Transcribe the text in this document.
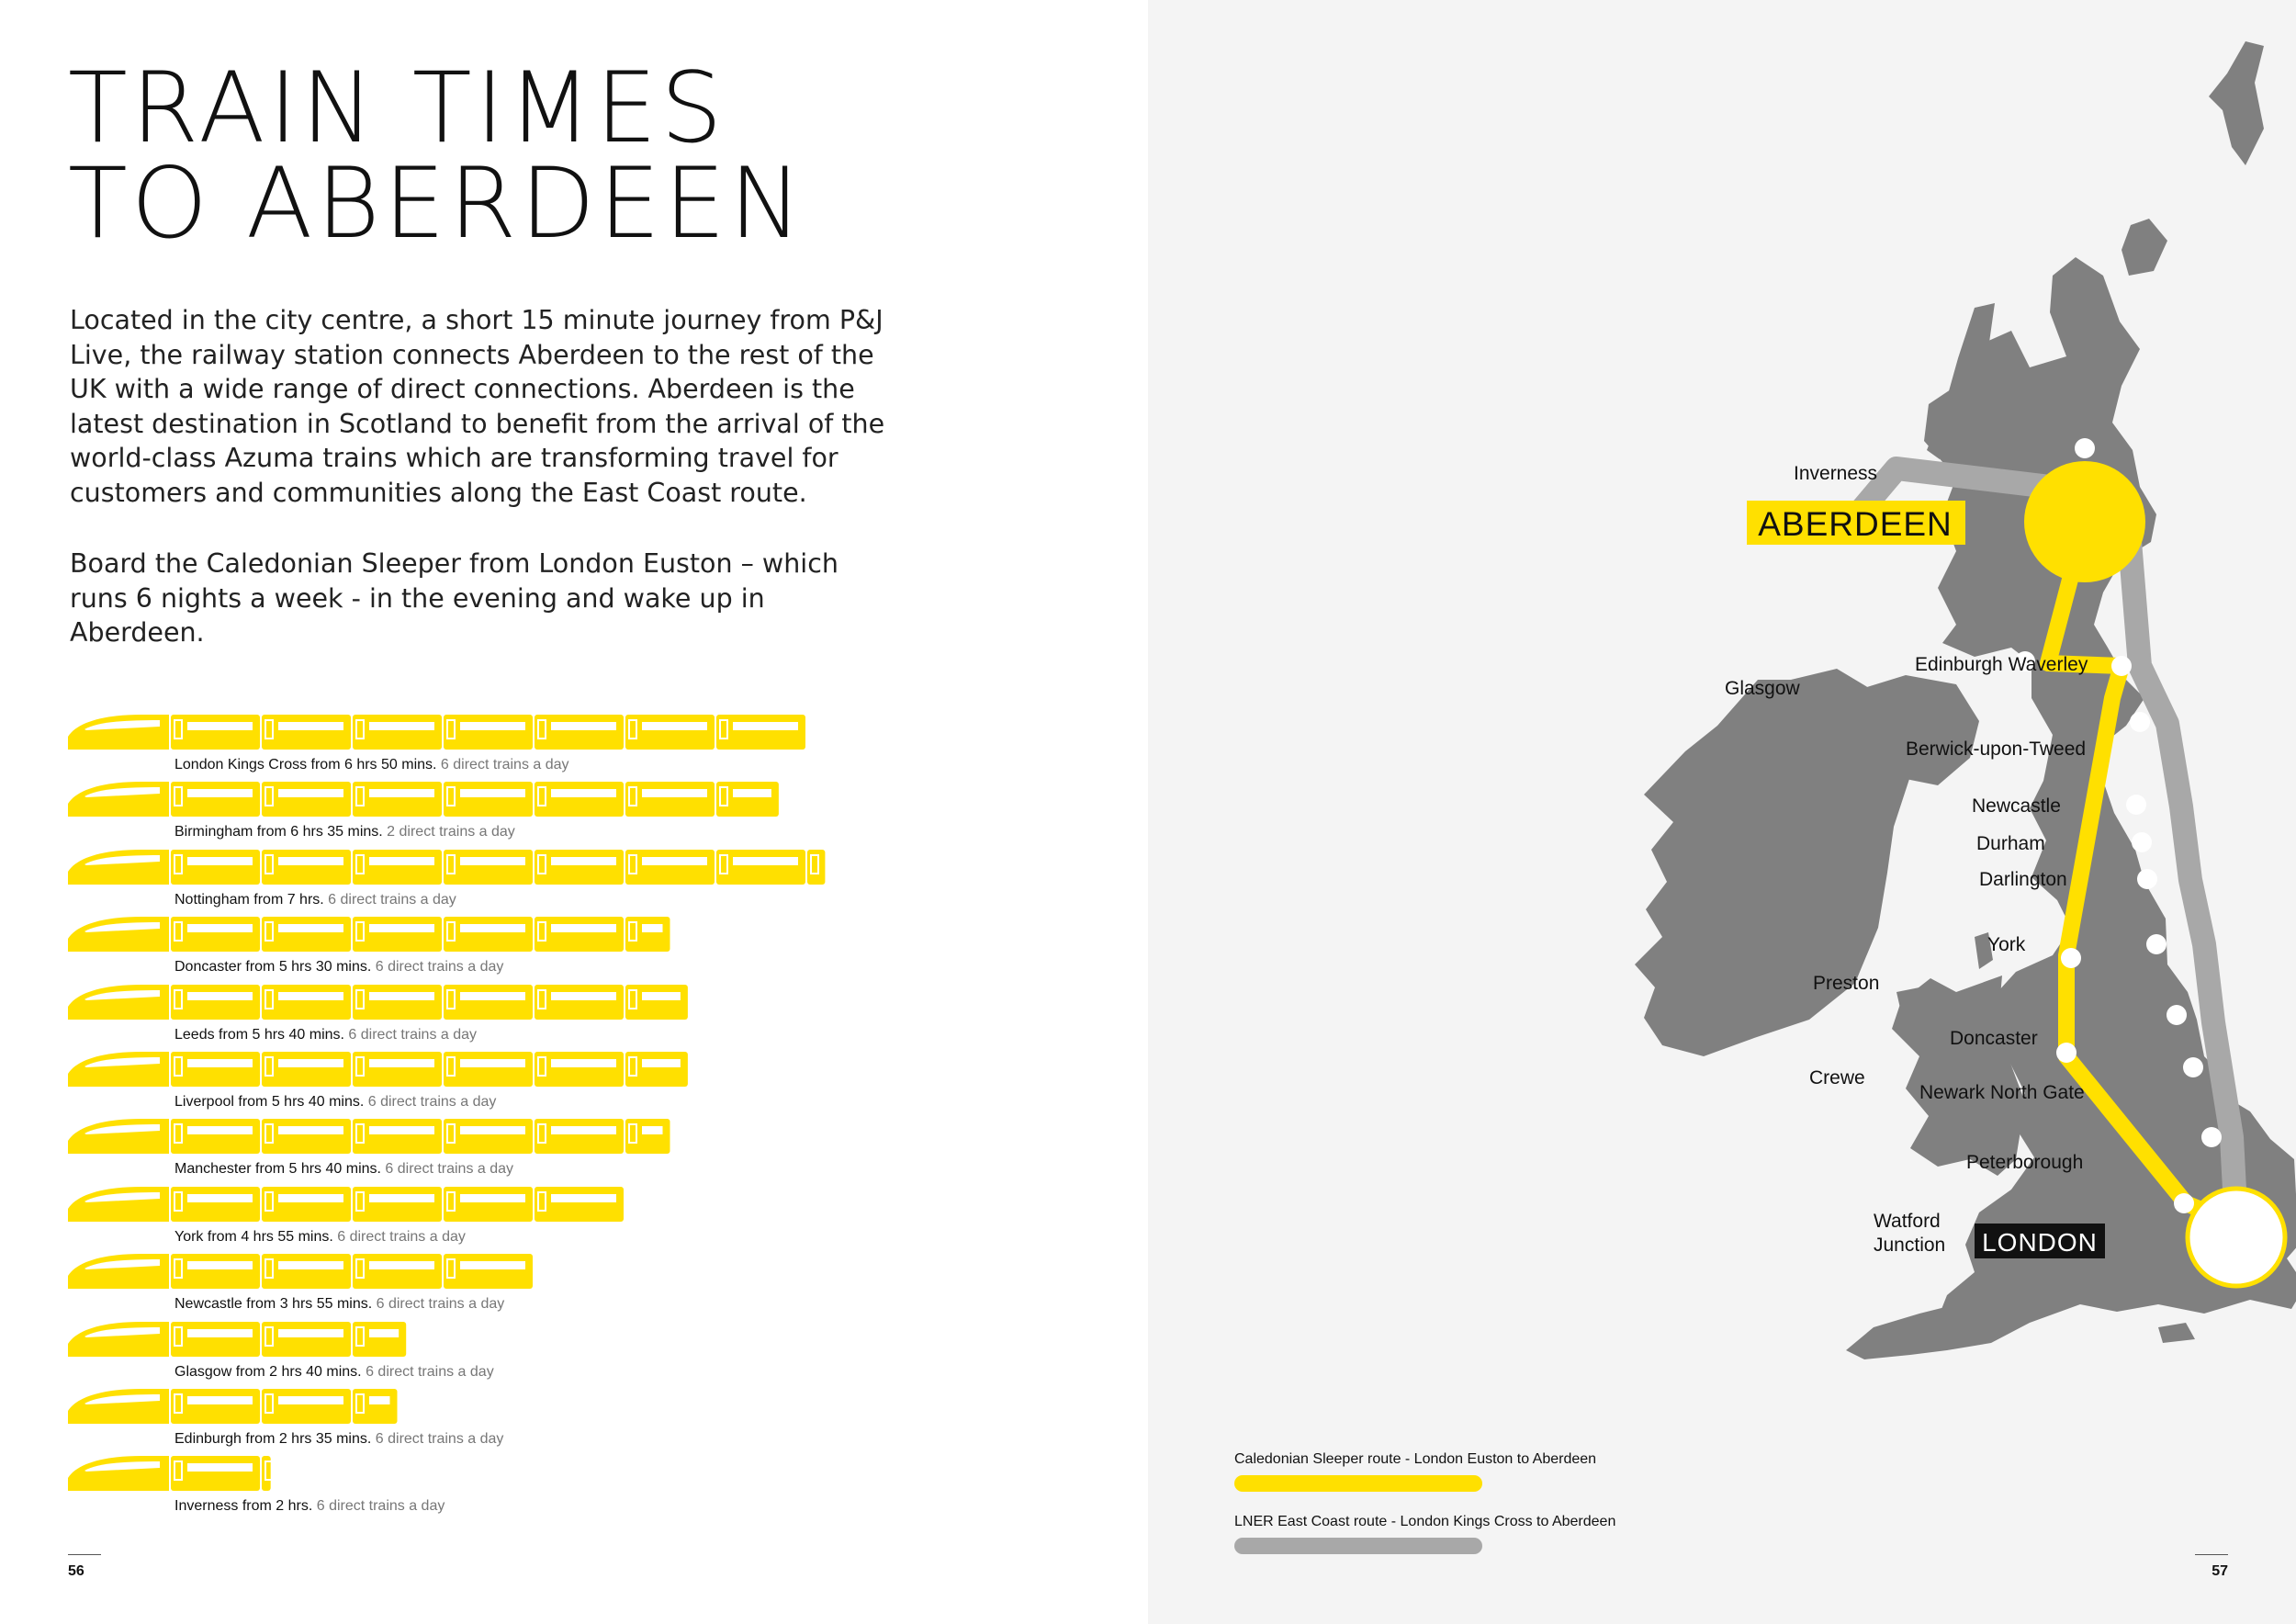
TRAIN TIMES
TO ABERDEEN

Located in the city centre, a short 15 minute journey from P&J Live, the railway station connects Aberdeen to the rest of the UK with a wide range of direct connections. Aberdeen is the latest destination in Scotland to benefit from the arrival of the world-class Azuma trains which are transforming travel for customers and communities along the East Coast route.

Board the Caledonian Sleeper from London Euston – which runs 6 nights a week - in the evening and wake up in Aberdeen.

London Kings Cross from 6 hrs 50 mins. 6 direct trains a day
Birmingham from 6 hrs 35 mins. 2 direct trains a day
Nottingham from 7 hrs. 6 direct trains a day
Doncaster from 5 hrs 30 mins. 6 direct trains a day
Leeds from 5 hrs 40 mins. 6 direct trains a day
Liverpool from 5 hrs 40 mins. 6 direct trains a day
Manchester from 5 hrs 40 mins. 6 direct trains a day
York from 4 hrs 55 mins. 6 direct trains a day
Newcastle from 3 hrs 55 mins. 6 direct trains a day
Glasgow from 2 hrs 40 mins. 6 direct trains a day
Edinburgh from 2 hrs 35 mins. 6 direct trains a day
Inverness from 2 hrs. 6 direct trains a day
56
ABERDEEN
LONDON
Inverness
Glasgow
Edinburgh Waverley
Berwick-upon-Tweed
Newcastle
Durham
Darlington
York
Preston
Doncaster
Crewe
Newark North Gate
Peterborough
Watford
Junction
Caledonian Sleeper route - London Euston to Aberdeen
LNER East Coast route - London Kings Cross to Aberdeen
57
